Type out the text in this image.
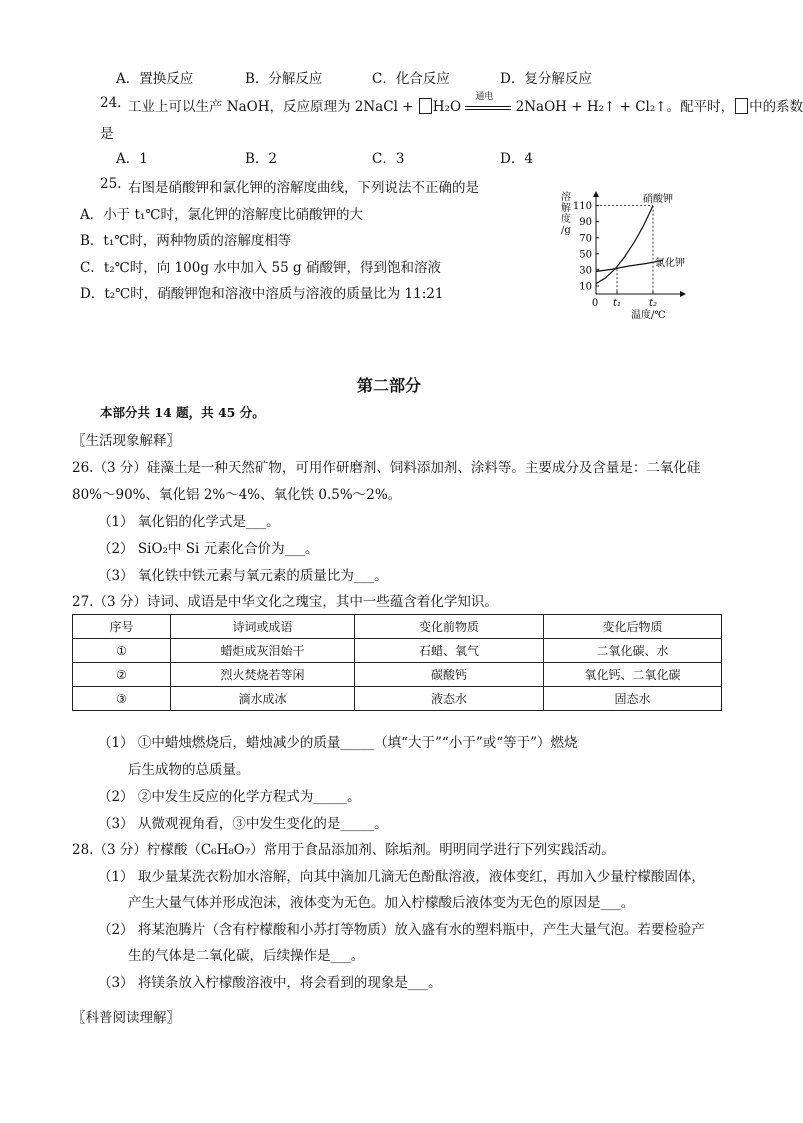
A．置换反应	B．分解反应	C．化合反应	D．复分解反应
24. 工业上可以生产 NaOH，反应原理为 2NaCl + H₂O
通电
2NaOH + H₂↑ + Cl₂↑。配平时， 中的系数
是
A．1	B．2	C．3	D．4
25. 右图是硝酸钾和氯化钾的溶解度曲线，下列说法不正确的是
A．小于 t₁℃时，氯化钾的溶解度比硝酸钾的大
B．t₁℃时，两种物质的溶解度相等
C．t₂℃时，向 100g 水中加入 55 g 硝酸钾，得到饱和溶液
D．t₂℃时，硝酸钾饱和溶液中溶质与溶液的质量比为 11:21
溶
解
度
/g
10
30
50
70
90
110
0 t₁	t₂
硝酸钾
氯化钾
温度/℃
第二部分
本部分共 14 题，共 45 分。
〖生活现象解释〗
26.（3 分）硅藻土是一种天然矿物，可用作研磨剂、饲料添加剂、涂料等。主要成分及含量是：二氧化硅
80%～90%、氧化铝 2%～4%、氧化铁 0.5%～2%。
（1） 氧化铝的化学式是___。
（2） SiO₂中 Si 元素化合价为___。
（3） 氧化铁中铁元素与氧元素的质量比为___。
27.（3 分）诗词、成语是中华文化之瑰宝，其中一些蕴含着化学知识。
序号	诗词或成语	变化前物质	变化后物质
①	蜡炬成灰泪始干	石蜡、氧气	二氧化碳、水
②	烈火焚烧若等闲	碳酸钙	氧化钙、二氧化碳
③	滴水成冰	液态水	固态水
（1） ①中蜡烛燃烧后，蜡烛减少的质量_____（填“大于”“小于”或“等于”）燃烧
后生成物的总质量。
（2） ②中发生反应的化学方程式为_____。
（3） 从微观视角看，③中发生变化的是_____。
28.（3 分）柠檬酸（C₆H₈O₇）常用于食品添加剂、除垢剂。明明同学进行下列实践活动。
（1） 取少量某洗衣粉加水溶解，向其中滴加几滴无色酚酞溶液，液体变红，再加入少量柠檬酸固体，
产生大量气体并形成泡沫，液体变为无色。加入柠檬酸后液体变为无色的原因是___。
（2） 将某泡腾片（含有柠檬酸和小苏打等物质）放入盛有水的塑料瓶中，产生大量气泡。若要检验产
生的气体是二氧化碳，后续操作是___。
（3） 将镁条放入柠檬酸溶液中，将会看到的现象是___。
〖科普阅读理解〗
